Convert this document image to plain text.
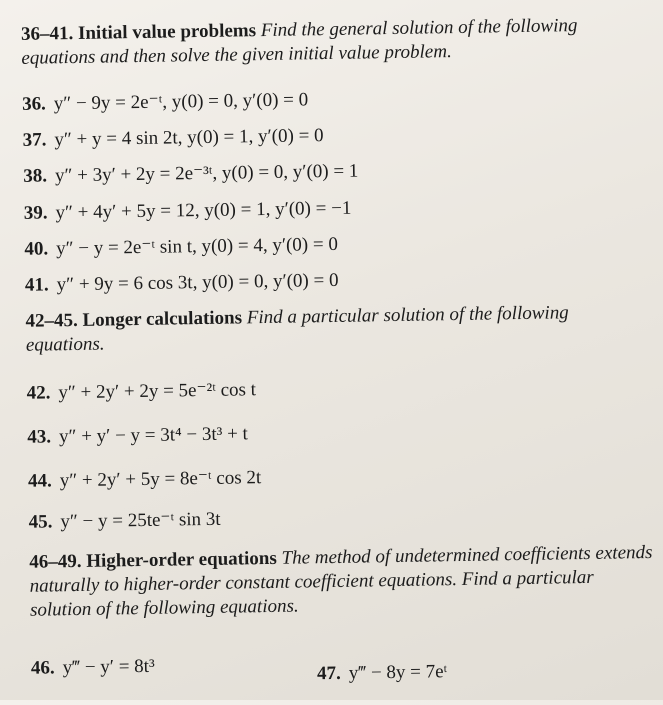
36–41. Initial value problems Find the general solution of the following equations and then solve the given initial value problem.
36. y″ − 9y = 2e⁻ᵗ, y(0) = 0, y′(0) = 0
37. y″ + y = 4 sin 2t, y(0) = 1, y′(0) = 0
38. y″ + 3y′ + 2y = 2e⁻³ᵗ, y(0) = 0, y′(0) = 1
39. y″ + 4y′ + 5y = 12, y(0) = 1, y′(0) = −1
40. y″ − y = 2e⁻ᵗ sin t, y(0) = 4, y′(0) = 0
41. y″ + 9y = 6 cos 3t, y(0) = 0, y′(0) = 0
42–45. Longer calculations Find a particular solution of the following equations.
42. y″ + 2y′ + 2y = 5e⁻²ᵗ cos t
43. y″ + y′ − y = 3t⁴ − 3t³ + t
44. y″ + 2y′ + 5y = 8e⁻ᵗ cos 2t
45. y″ − y = 25te⁻ᵗ sin 3t
46–49. Higher-order equations The method of undetermined coefficients extends naturally to higher-order constant coefficient equations. Find a particular solution of the following equations.
46. y‴ − y′ = 8t³	47. y‴ − 8y = 7eᵗ
